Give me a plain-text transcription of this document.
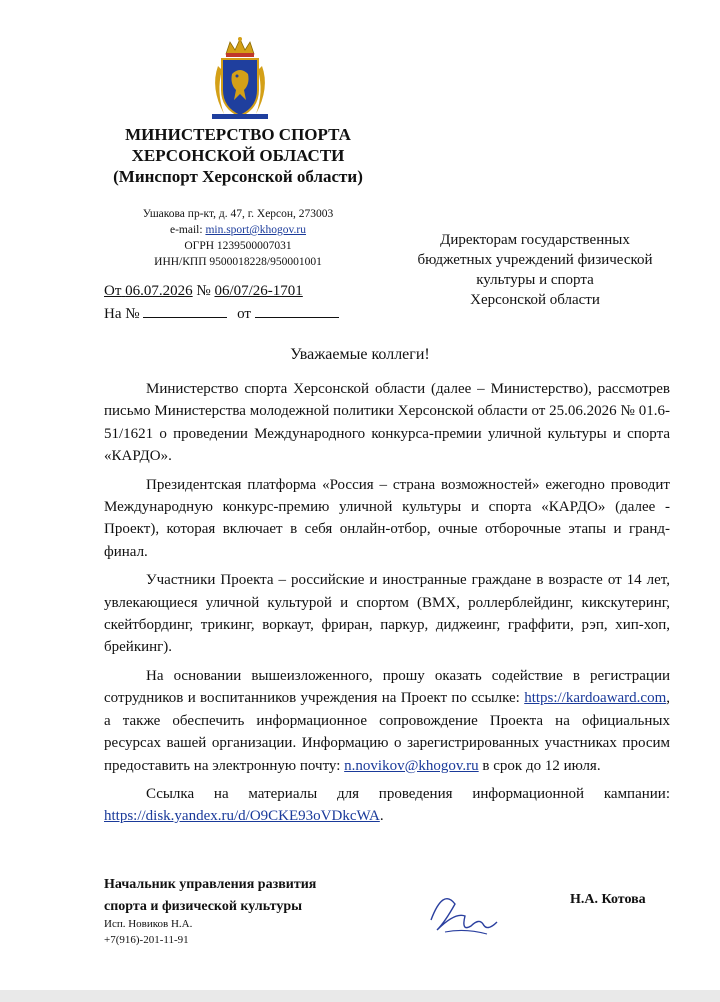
МИНИСТЕРСТВО СПОРТА
ХЕРСОНСКОЙ ОБЛАСТИ
(Минспорт Херсонской области)
Ушакова пр-кт, д. 47, г. Херсон, 273003
e-mail: min.sport@khogov.ru
ОГРН 1239500007031
ИНН/КПП 9500018228/950001001
Директорам государственных
бюджетных учреждений физической
культуры и спорта
Херсонской области
От 06.07.2026 № 06/07/26-1701
На №	от
Уважаемые коллеги!

Министерство спорта Херсонской области (далее – Министерство), рассмотрев письмо Министерства молодежной политики Херсонской области от 25.06.2026 № 01.6-51/1621 о проведении Международного конкурса-премии уличной культуры и спорта «КАРДО».

Президентская платформа «Россия – страна возможностей» ежегодно проводит Международную конкурс-премию уличной культуры и спорта «КАРДО» (далее - Проект), которая включает в себя онлайн-отбор, очные отборочные этапы и гранд-финал.

Участники Проекта – российские и иностранные граждане в возрасте от 14 лет, увлекающиеся уличной культурой и спортом (BMX, роллерблейдинг, кикскутеринг, скейтбординг, трикинг, воркаут, фриран, паркур, диджеинг, граффити, рэп, хип-хоп, брейкинг).

На основании вышеизложенного, прошу оказать содействие в регистрации сотрудников и воспитанников учреждения на Проект по ссылке: https://kardoaward.com, а также обеспечить информационное сопровождение Проекта на официальных ресурсах вашей организации. Информацию о зарегистрированных участниках просим предоставить на электронную почту: n.novikov@khogov.ru в срок до 12 июля.

Ссылка на материалы для проведения информационной кампании: https://disk.yandex.ru/d/O9CKE93oVDkcWA.

Начальник управления развития
спорта и физической культуры	Н.А. Котова
Исп. Новиков Н.А.
+7(916)-201-11-91
